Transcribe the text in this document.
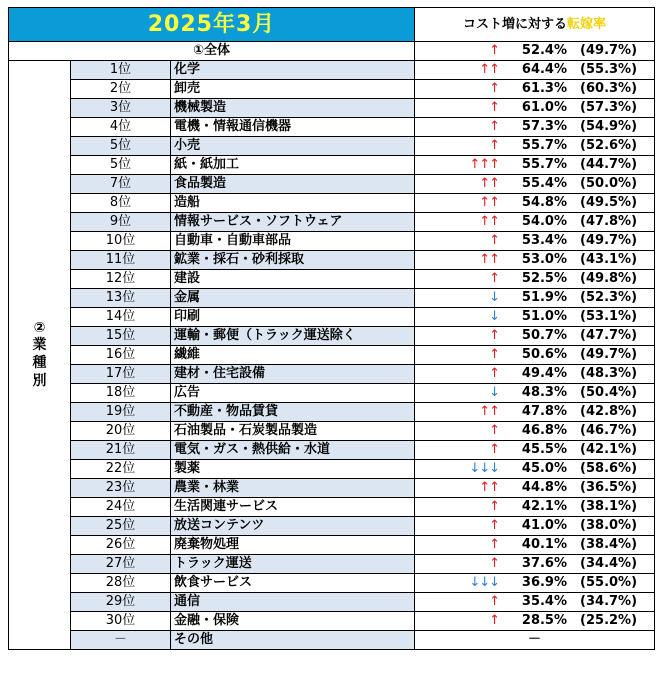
2025年3月			コスト増に対する転嫁率
①全体			↑ 52.4% (49.7%)

②
業
種
別	1位	化学	↑↑ 64.4% (55.3%)

	2位	卸売	↑ 61.3% (60.3%)

	3位	機械製造	↑ 61.0% (57.3%)

	4位	電機・情報通信機器	↑ 57.3% (54.9%)

	5位	小売	↑ 55.7% (52.6%)

	5位	紙・紙加工	↑↑↑ 55.7% (44.7%)

	7位	食品製造	↑↑ 55.4% (50.0%)

	8位	造船	↑↑ 54.8% (49.5%)

	9位	情報サービス・ソフトウェア	↑↑ 54.0% (47.8%)

	10位	自動車・自動車部品	↑ 53.4% (49.7%)

	11位	鉱業・採石・砂利採取	↑↑ 53.0% (43.1%)

	12位	建設	↑ 52.5% (49.8%)

	13位	金属	↓ 51.9% (52.3%)

	14位	印刷	↓ 51.0% (53.1%)

	15位	運輸・郵便（トラック運送除く	↑ 50.7% (47.7%)

	16位	繊維	↑ 50.6% (49.7%)

	17位	建材・住宅設備	↑ 49.4% (48.3%)

	18位	広告	↓ 48.3% (50.4%)

	19位	不動産・物品賃貸	↑↑ 47.8% (42.8%)

	20位	石油製品・石炭製品製造	↑ 46.8% (46.7%)

	21位	電気・ガス・熱供給・水道	↑ 45.5% (42.1%)

	22位	製薬	↓↓↓ 45.0% (58.6%)

	23位	農業・林業	↑↑ 44.8% (36.5%)

	24位	生活関連サービス	↑ 42.1% (38.1%)

	25位	放送コンテンツ	↑ 41.0% (38.0%)

	26位	廃棄物処理	↑ 40.1% (38.4%)

	27位	トラック運送	↑ 37.6% (34.4%)

	28位	飲食サービス	↓↓↓ 36.9% (55.0%)

	29位	通信	↑ 35.4% (34.7%)

	30位	金融・保険	↑ 28.5% (25.2%)

	－	その他	－
